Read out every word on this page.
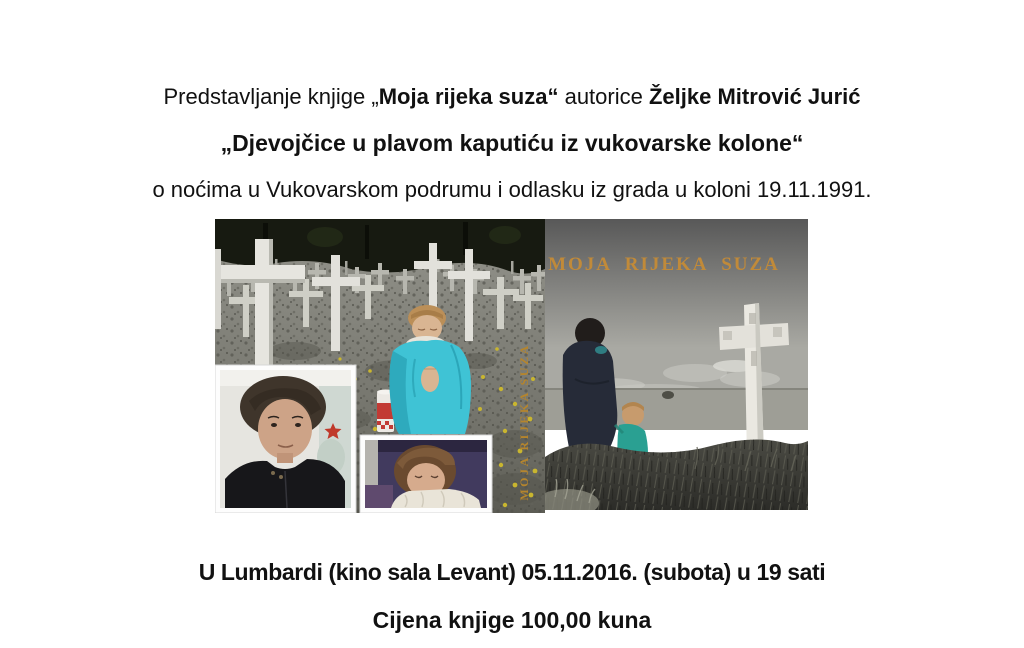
Predstavljanje knjige „Moja rijeka suza“ autorice Željke Mitrović Jurić
„Djevojčice u plavom kaputiću iz vukovarske kolone“
o noćima u Vukovarskom podrumu i odlasku iz grada u koloni 19.11.1991.
MOJA RIJEKA SUZA
MOJA RIJEKA SUZA
U Lumbardi (kino sala Levant) 05.11.2016. (subota) u 19 sati
Cijena knjige 100,00 kuna
